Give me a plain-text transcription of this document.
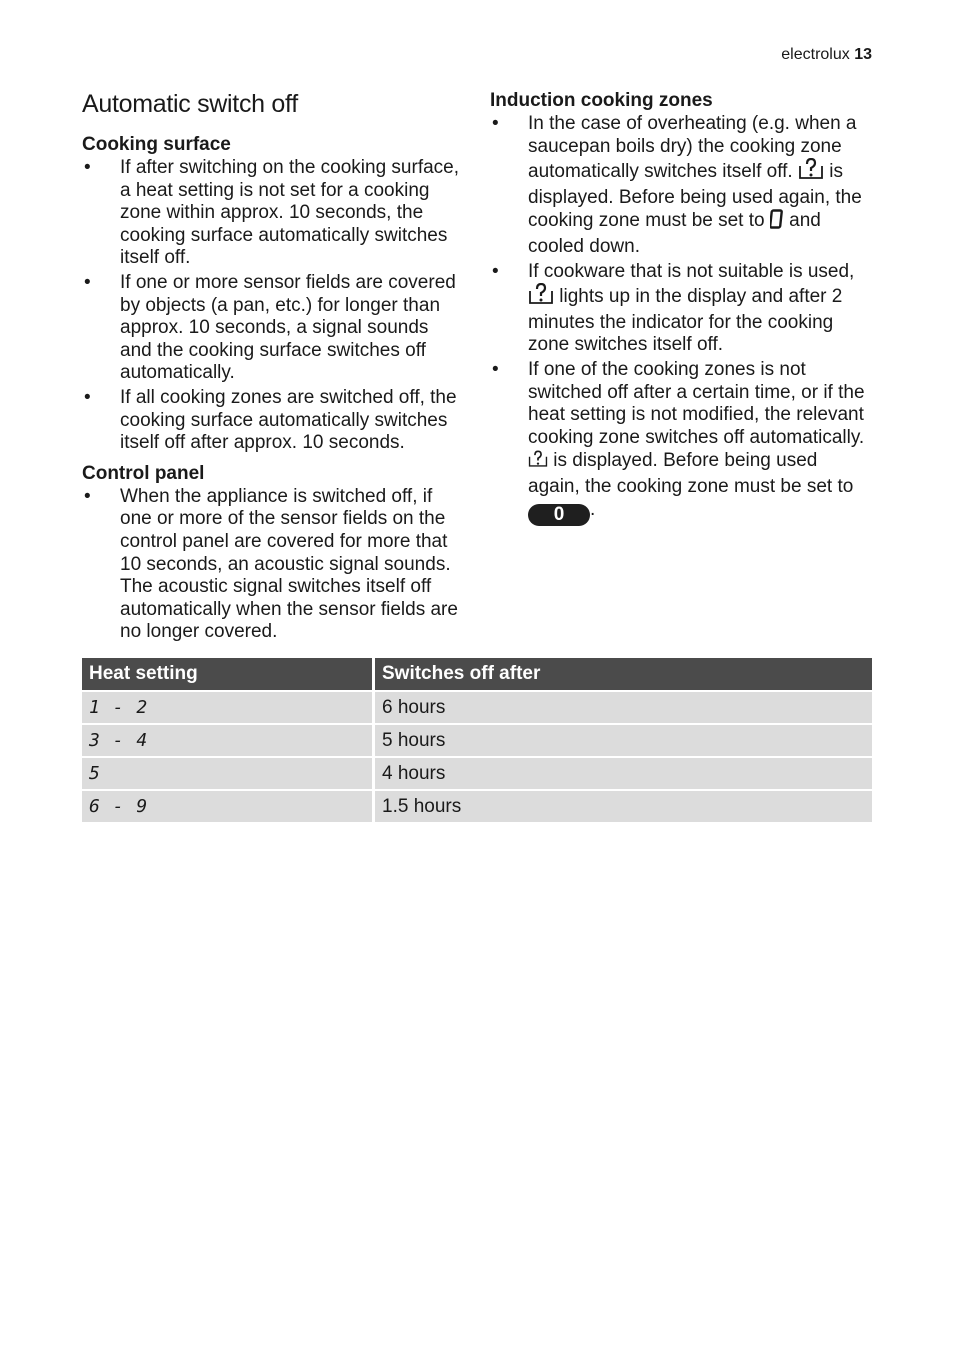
electrolux 13
Automatic switch off
Cooking surface
• If after switching on the cooking surface, a heat setting is not set for a cooking zone within approx. 10 seconds, the cooking surface automatically switches itself off.
• If one or more sensor fields are covered by objects (a pan, etc.) for longer than approx. 10 seconds, a signal sounds and the cooking surface switches off automatically.
• If all cooking zones are switched off, the cooking surface automatically switches itself off after approx. 10 seconds.
Control panel
• When the appliance is switched off, if one or more of the sensor fields on the control panel are covered for more that 10 seconds, an acoustic signal sounds. The acoustic signal switches itself off automatically when the sensor fields are no longer covered.
Induction cooking zones
• In the case of overheating (e.g. when a saucepan boils dry) the cooking zone automatically switches itself off. is displayed. Before being used again, the cooking zone must be set to and cooled down.
• If cookware that is not suitable is used,  lights up in the display and after 2 minutes the indicator for the cooking zone switches itself off.
• If one of the cooking zones is not switched off after a certain time, or if the heat setting is not modified, the relevant cooking zone switches off automatically.  is displayed. Before being used again, the cooking zone must be set to 0 .
Heat setting	Switches off after
1 - 2	6 hours
3 - 4	5 hours
5	4 hours
6 - 9	1.5 hours
